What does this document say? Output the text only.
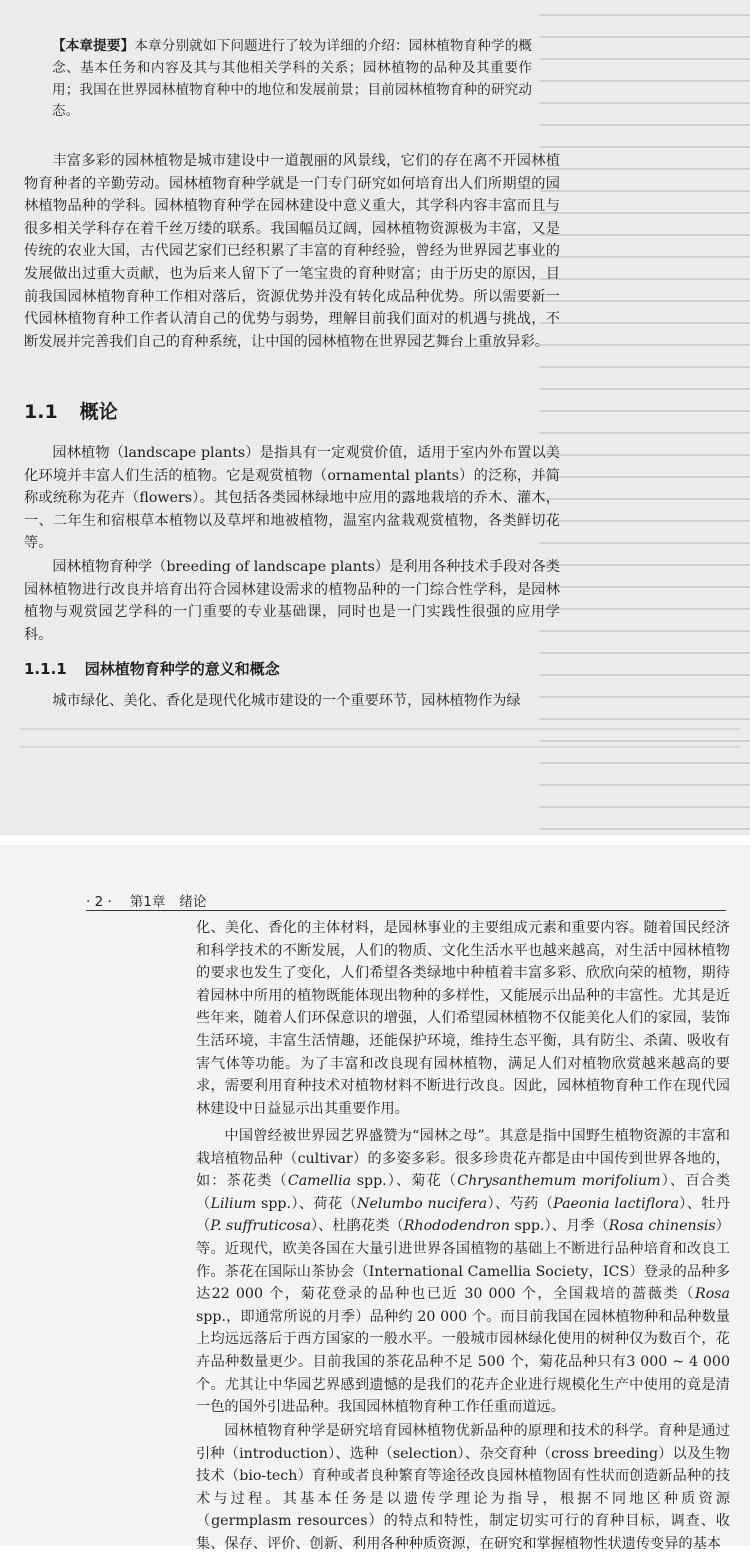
【本章提要】本章分别就如下问题进行了较为详细的介绍：园林植物育种学的概念、基本任务和内容及其与其他相关学科的关系；园林植物的品种及其重要作用；我国在世界园林植物育种中的地位和发展前景；目前园林植物育种的研究动态。

丰富多彩的园林植物是城市建设中一道靓丽的风景线，它们的存在离不开园林植物育种者的辛勤劳动。园林植物育种学就是一门专门研究如何培育出人们所期望的园林植物品种的学科。园林植物育种学在园林建设中意义重大，其学科内容丰富而且与很多相关学科存在着千丝万缕的联系。我国幅员辽阔，园林植物资源极为丰富，又是传统的农业大国，古代园艺家们已经积累了丰富的育种经验，曾经为世界园艺事业的发展做出过重大贡献，也为后来人留下了一笔宝贵的育种财富；由于历史的原因，目前我国园林植物育种工作相对落后，资源优势并没有转化成品种优势。所以需要新一代园林植物育种工作者认清自己的优势与弱势，理解目前我们面对的机遇与挑战，不断发展并完善我们自己的育种系统，让中国的园林植物在世界园艺舞台上重放异彩。

1.1 概论

园林植物（landscape plants）是指具有一定观赏价值，适用于室内外布置以美化环境并丰富人们生活的植物。它是观赏植物（ornamental plants）的泛称，并简称或统称为花卉（flowers）。其包括各类园林绿地中应用的露地栽培的乔木、灌木，一、二年生和宿根草本植物以及草坪和地被植物，温室内盆栽观赏植物，各类鲜切花等。

园林植物育种学（breeding of landscape plants）是利用各种技术手段对各类园林植物进行改良并培育出符合园林建设需求的植物品种的一门综合性学科，是园林植物与观赏园艺学科的一门重要的专业基础课，同时也是一门实践性很强的应用学科。

1.1.1 园林植物育种学的意义和概念

城市绿化、美化、香化是现代化城市建设的一个重要环节，园林植物作为绿

· 2 · 第1章 绪论

化、美化、香化的主体材料，是园林事业的主要组成元素和重要内容。随着国民经济和科学技术的不断发展，人们的物质、文化生活水平也越来越高，对生活中园林植物的要求也发生了变化，人们希望各类绿地中种植着丰富多彩、欣欣向荣的植物，期待着园林中所用的植物既能体现出物种的多样性，又能展示出品种的丰富性。尤其是近些年来，随着人们环保意识的增强，人们希望园林植物不仅能美化人们的家园，装饰生活环境，丰富生活情趣，还能保护环境，维持生态平衡，具有防尘、杀菌、吸收有害气体等功能。为了丰富和改良现有园林植物，满足人们对植物欣赏越来越高的要求，需要利用育种技术对植物材料不断进行改良。因此，园林植物育种工作在现代园林建设中日益显示出其重要作用。

中国曾经被世界园艺界盛赞为“园林之母”。其意是指中国野生植物资源的丰富和栽培植物品种（cultivar）的多姿多彩。很多珍贵花卉都是由中国传到世界各地的，如：茶花类（Camellia spp.）、菊花（Chrysanthemum morifolium）、百合类（Lilium spp.）、荷花（Nelumbo nucifera）、芍药（Paeonia lactiflora）、牡丹（P. suffruticosa）、杜鹃花类（Rhododendron spp.）、月季（Rosa chinensis）等。近现代，欧美各国在大量引进世界各国植物的基础上不断进行品种培育和改良工作。茶花在国际山茶协会（International Camellia Society，ICS）登录的品种多达22 000 个，菊花登录的品种也已近 30 000 个，全国栽培的蔷薇类（Rosa spp.，即通常所说的月季）品种约 20 000 个。而目前我国在园林植物种和品种数量上均远远落后于西方国家的一般水平。一般城市园林绿化使用的树种仅为数百个，花卉品种数量更少。目前我国的茶花品种不足 500 个，菊花品种只有3 000 ~ 4 000 个。尤其让中华园艺界感到遗憾的是我们的花卉企业进行规模化生产中使用的竟是清一色的国外引进品种。我国园林植物育种工作任重而道远。

园林植物育种学是研究培育园林植物优新品种的原理和技术的科学。育种是通过引种（introduction）、选种（selection）、杂交育种（cross breeding）以及生物技术（bio-tech）育种或者良种繁育等途径改良园林植物固有性状而创造新品种的技术与过程。其基本任务是以遗传学理论为指导，根据不同地区种质资源（germplasm resources）的特点和特性，制定切实可行的育种目标，调查、收集、保存、评价、创新、利用各种种质资源，在研究和掌握植物性状遗传变异的基本
